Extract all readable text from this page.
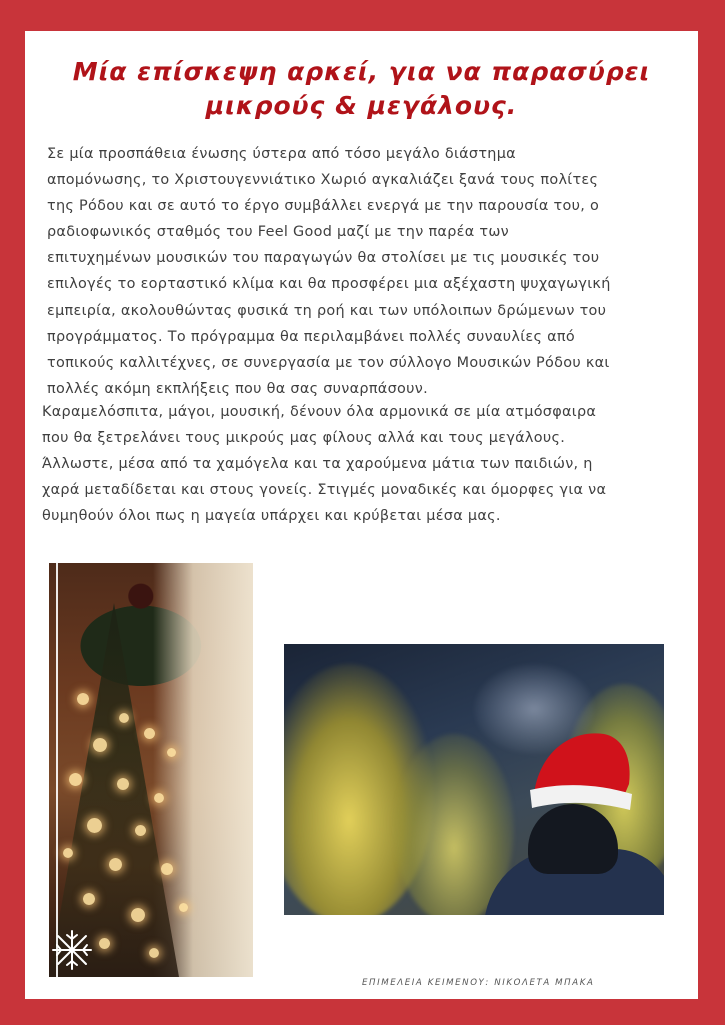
Μία επίσκεψη αρκεί, για να παρασύρει
μικρούς & μεγάλους.

Σε μία προσπάθεια ένωσης ύστερα από τόσο μεγάλο διάστημα
απομόνωσης, το Χριστουγεννιάτικο Χωριό αγκαλιάζει ξανά τους πολίτες
της Ρόδου και σε αυτό το έργο συμβάλλει ενεργά με την παρουσία του, ο
ραδιοφωνικός σταθμός του Feel Good μαζί με την παρέα των
επιτυχημένων μουσικών του παραγωγών θα στολίσει με τις μουσικές του
επιλογές το εορταστικό κλίμα και θα προσφέρει μια αξέχαστη ψυχαγωγική
εμπειρία, ακολουθώντας φυσικά τη ροή και των υπόλοιπων δρώμενων του
προγράμματος. Το πρόγραμμα θα περιλαμβάνει πολλές συναυλίες από
τοπικούς καλλιτέχνες, σε συνεργασία με τον σύλλογο Μουσικών Ρόδου και
πολλές ακόμη εκπλήξεις που θα σας συναρπάσουν.

Καραμελόσπιτα, μάγοι, μουσική, δένουν όλα αρμονικά σε μία ατμόσφαιρα
που θα ξετρελάνει τους μικρούς μας φίλους αλλά και τους μεγάλους.
Άλλωστε, μέσα από τα χαμόγελα και τα χαρούμενα μάτια των παιδιών, η
χαρά μεταδίδεται και στους γονείς. Στιγμές μοναδικές και όμορφες για να
θυμηθούν όλοι πως η μαγεία υπάρχει και κρύβεται μέσα μας.

ΕΠΙΜΕΛΕΙΑ ΚΕΙΜΕΝΟΥ: ΝΙΚΟΛΕΤΑ ΜΠΑΚΑ
